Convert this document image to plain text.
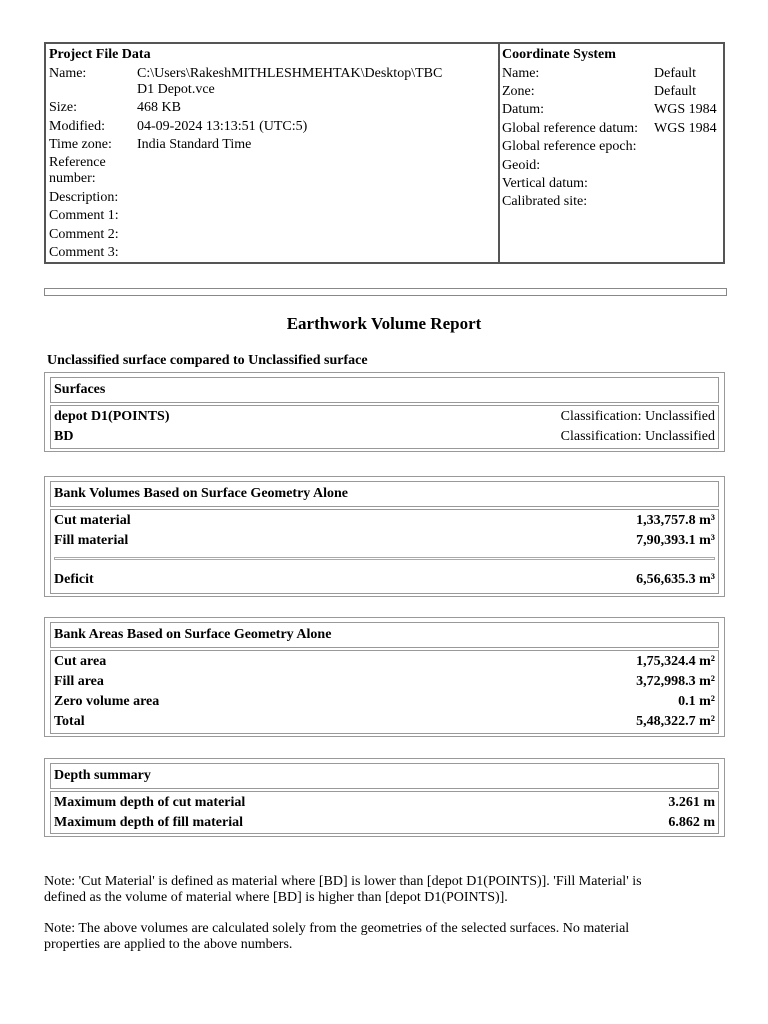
Project File Data
Name:	C:\Users\RakeshMITHLESHMEHTAK\Desktop\TBC
D1 Depot.vce
Size:	468 KB
Modified: 04-09-2024 13:13:51 (UTC:5)
Time zone: India Standard Time
Reference
number:
Description:
Comment 1:
Comment 2:
Comment 3:
Coordinate System
Name:	Default
Zone:	Default
Datum:	WGS 1984
Global reference datum: WGS 1984
Global reference epoch:
Geoid:
Vertical datum:
Calibrated site:
Earthwork Volume Report
Unclassified surface compared to Unclassified surface
Surfaces
depot D1(POINTS)	Classification: Unclassified
BD	Classification: Unclassified
Bank Volumes Based on Surface Geometry Alone
Cut material	1,33,757.8 m³
Fill material	7,90,393.1 m³
Deficit	6,56,635.3 m³
Bank Areas Based on Surface Geometry Alone
Cut area	1,75,324.4 m²
Fill area	3,72,998.3 m²
Zero volume area	0.1 m²
Total	5,48,322.7 m²
Depth summary
Maximum depth of cut material	3.261 m
Maximum depth of fill material	6.862 m
Note: 'Cut Material' is defined as material where [BD] is lower than [depot D1(POINTS)]. 'Fill Material' is
defined as the volume of material where [BD] is higher than [depot D1(POINTS)].
Note: The above volumes are calculated solely from the geometries of the selected surfaces. No material
properties are applied to the above numbers.
